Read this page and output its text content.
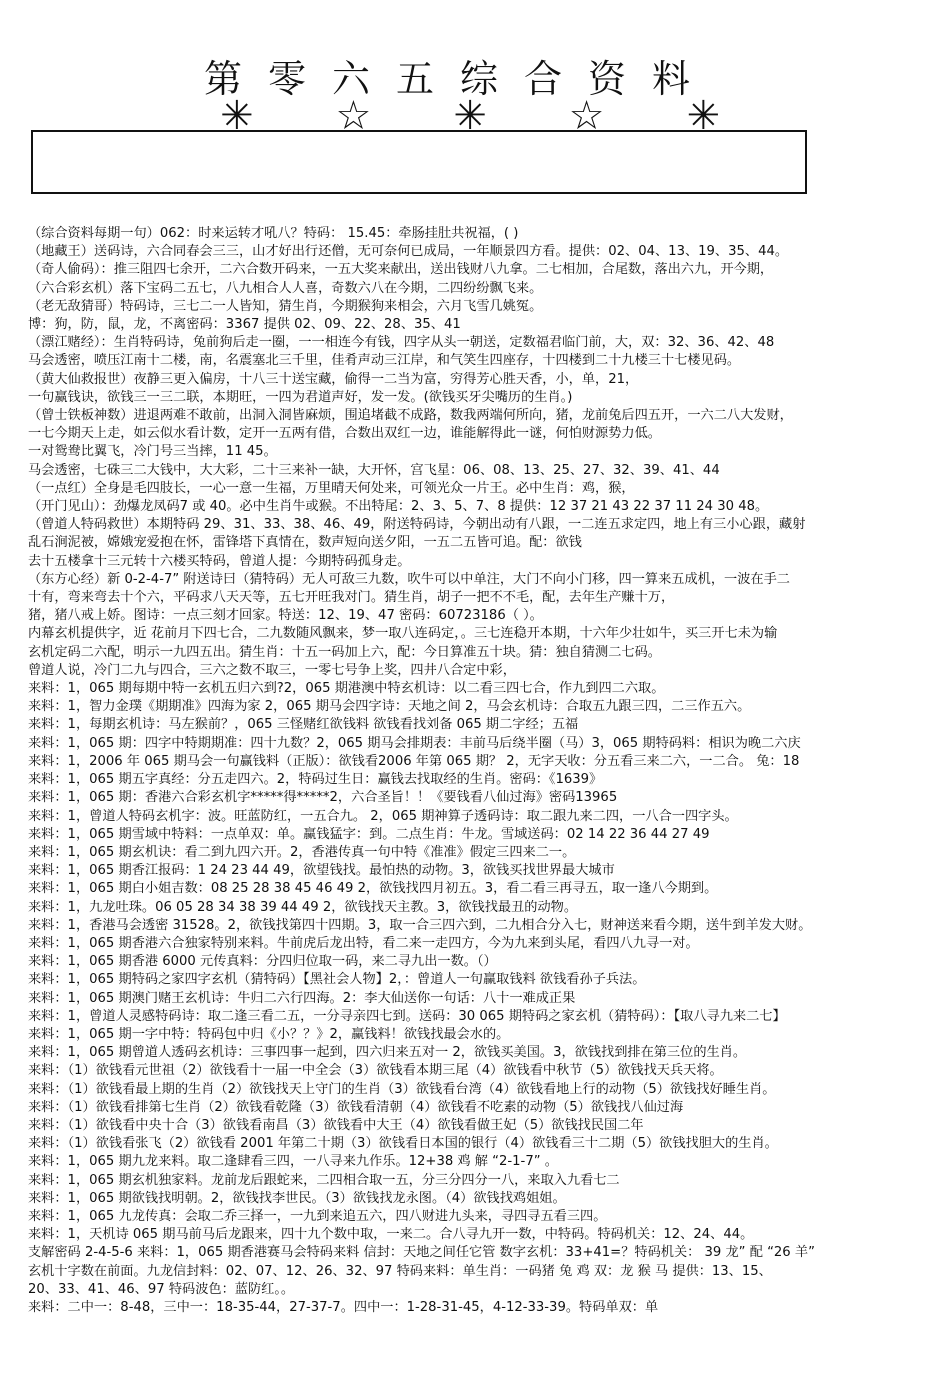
第零六五综合资料
✳ ☆ ✳ ☆ ✳
（综合资料每期一句）062：时来运转才吼八？特码： 15.45：牵肠挂肚共祝福，( )
（地藏王）送码诗，六合同春会三三，山才好出行还僧，无可奈何已成局，一年顺景四方看。提供：02、04、13、19、35、44。
（奇人偷码）：推三阻四七余开，二六合数开码来，一五大奖来献出，送出钱财八九拿。二七相加，合尾数，落出六九，开今期，
（六合彩玄机）落下宝码二五七，八九相合人人喜，奇数六八在今期，二四纷纷飘飞来。
（老无敌猜哥）特码诗，三七二一人皆知，猜生肖，今期猴狗来相会，六月飞雪几姚冤。
博：狗，防，鼠，龙，不离密码：3367 提供 02、09、22、28、35、41
（漂江赌经）：生肖特码诗，兔前狗后走一圈，一一相连今有钱，四字从头一朝送，定数福君临门前，大，双：32、36、42、48
马会透密，喷压江南十二楼，南，名震塞北三千里，佳肴声动三江岸，和气笑生四座存，十四楼到二十九楼三十七楼见码。
（黄大仙救报世）夜静三更入偏房，十八三十送宝藏，偷得一二当为富，穷得芳心胜天香，小，单，21，
一句赢钱诀，欲钱三一三二联，本期旺，一四为君道声好，发一发。(欲钱买牙尖嘴历的生肖。)
（曾士铁板神数）进退两难不敢前，出洞入洞皆麻烦，围追堵截不成路，数我两端何所向，猪，龙前兔后四五开，一六二八大发财，
一七今期天上走，如云似水看计数，定开一五两有借，合数出双红一边，谁能解得此一谜，何怕财源势力低。
一对鸳鸯比翼飞，冷门号三当摔，11 45。
马会透密，七硃三二大钱中，大大彩，二十三来补一缺，大开怀，宫飞星：06、08、13、25、27、32、39、41、44
（一点红）全身是毛四肢长，一心一意一生福，万里晴天何处来，可领光众一片王。必中生肖：鸡，猴，
（开门见山）：劲爆龙凤码7 或 40。必中生肖牛或猴。不出特尾：2、3、5、7、8 提供：12 37 21 43 22 37 11 24 30 48。
（曾道人特码救世）本期特码 29、31、33、38、46、49，附送特码诗，今朝出动有八跟，一二连五求定四，地上有三小心跟，藏射
乱石涧泥被，嫦娥宠爱抱在怀，雷锋塔下真情在，数声短向送夕阳，一五二五皆可追。配：欲钱
去十五楼拿十三元转十六楼买特码，曾道人提：今期特码孤身走。
（东方心经）新 0-2-4-7” 附送诗曰（猜特码）无人可敌三九数，吹牛可以中单注，大门不向小门移，四一算来五成机，一波在手二
十有，弯来弯去十个六，平码求八天天等，五七开旺我对门。猜生肖，胡子一把不不毛，配，去年生产赚十万，
猪，猪八戒上娇。图诗：一点三刻才回家。特送：12、19、47 密码：60723186（ ）。
内幕玄机提供字，近 花前月下四七合，二九数随风飘来，梦一取八连码定，。三七连稳开本期，十六年少壮如牛，买三开七未为输
玄机定码二六配，明示一九四五出。猜生肖：十五一码加上六，配：今日算准五十块。猜：独自猜测二七码。
曾道人说，冷门二九与四合，三六之数不取三，一零七号争上奖，四井八合定中彩，
来料：1，065 期每期中特一玄机五归六到?2，065 期港澳中特玄机诗：以二看三四七合，作九到四二六取。
来料：1，智力金璞《期期准》四海为家 2，065 期马会四字诗：天地之间 2，马会玄机诗：合取五九跟三四，二三作五六。
来料：1，每期玄机诗：马左猴前？，065 三怪赌红欲钱料 欲钱看找刘备 065 期二字经；五福
来料：1，065 期：四字中特期期准：四十九数？2，065 期马会排期表：丰前马后绕半圈（马）3，065 期特码料：相识为晚二六庆
来料：1，2006 年 065 期马会一句赢钱料（正版）：欲钱看2006 年第 065 期？ 2，无字天收：分五看三来二六，一二合。 兔：18
来料：1，065 期五字真经：分五走四六。2，特码过生日：赢钱去找取经的生肖。密码：《1639》
来料：1，065 期：香港六合彩玄机字*****得*****2，六合圣旨！！《要钱看八仙过海》密码13965
来料：1，曾道人特码玄机字：波。旺蓝防红，一五合九。 2，065 期神算子透码诗：取二跟九来二四，一八合一四字头。
来料：1，065 期雪域中特料：一点单双：单。赢钱猛字：到。二点生肖：牛龙。雪域送码：02 14 22 36 44 27 49
来料：1，065 期玄机诀：看二到九四六开。2，香港传真一句中特《准准》假定三四来二一。
来料：1，065 期香江报码：1 24 23 44 49，欲望钱找。最怕热的动物。3，欲钱买找世界最大城市
来料：1，065 期白小姐吉数：08 25 28 38 45 46 49 2，欲钱找四月初五。3，看二看三再寻五，取一逢八今期到。
来料：1，九龙吐珠。06 05 28 34 38 39 44 49 2，欲钱找天主教。3，欲钱找最丑的动物。
来料：1，香港马会透密 31528。2，欲钱找第四十四期。3，取一合三四六到，二九相合分入七，财神送来看今期，送牛到羊发大财。
来料：1，065 期香港六合独家特别来料。牛前虎后龙出特，看二来一走四方，今为九来到头尾，看四八九寻一对。
来料：1，065 期香港 6000 元传真料：分四归位取一码，来二寻九出一数。（）
来料：1，065 期特码之家四字玄机（猜特码）【黑社会人物】2，：曾道人一句赢取钱料 欲钱看孙子兵法。
来料：1，065 期澳门赌王玄机诗：牛归二六行四海。2：李大仙送你一句话：八十一难成正果
来料：1，曾道人灵感特码诗：取二逢三看二五，一分寻亲四七到。送码：30 065 期特码之家玄机（猜特码）：【取八寻九来二七】
来料：1，065 期一字中特：特码包中归《小？？》2，赢钱料！欲钱找最会水的。
来料：1，065 期曾道人透码玄机诗：三事四事一起到，四六归来五对一 2，欲钱买美国。3，欲钱找到排在第三位的生肖。
来料：（1）欲钱看元世祖（2）欲钱看十一届一中全会（3）欲钱看本期三尾（4）欲钱看中秋节（5）欲钱找天兵天将。
来料：（1）欲钱看最上期的生肖（2）欲钱找天上守门的生肖（3）欲钱看台湾（4）欲钱看地上行的动物（5）欲钱找好睡生肖。
来料：（1）欲钱看排第七生肖（2）欲钱看乾隆（3）欲钱看清朝（4）欲钱看不吃素的动物（5）欲钱找八仙过海
来料：（1）欲钱看中央十合（3）欲钱看南昌（3）欲钱看中大王（4）欲钱看做王妃（5）欲钱找民国二年
来料：（1）欲钱看张飞（2）欲钱看 2001 年第二十期（3）欲钱看日本国的银行（4）欲钱看三十二期（5）欲钱找胆大的生肖。
来料：1，065 期九龙来料。取二逢肆看三四，一八寻来九作乐。12+38 鸡 解 “2-1-7” 。
来料：1，065 期玄机独家料。龙前龙后跟蛇来，二四相合取一五，分三分四分一八，来取入九看七二
来料：1，065 期欲钱找明朝。2，欲钱找李世民。（3）欲钱找龙永图。（4）欲钱找鸡姐姐。
来料：1，065 九龙传真：会取二乔三择一，一九到来追五六，四八财进九头来，寻四寻五看三四。
来料：1，天机诗 065 期马前马后龙跟来，四十九个数中取，一来二。合八寻九开一数，中特码。特码机关：12、24、44。
支解密码 2-4-5-6 来料：1，065 期香港赛马会特码来料 信封：天地之间任它管 数字玄机：33+41=？特码机关： 39 龙” 配 “26 羊”
玄机十字数在前面。九龙信封料：02、07、12、26、32、97 特码来料：单生肖：一码猪 兔 鸡 双：龙 猴 马 提供：13、15、
20、33、41、46、97 特码波色：蓝防红。。
来料：二中一：8-48，三中一：18-35-44，27-37-7。四中一：1-28-31-45，4-12-33-39。特码单双：单
